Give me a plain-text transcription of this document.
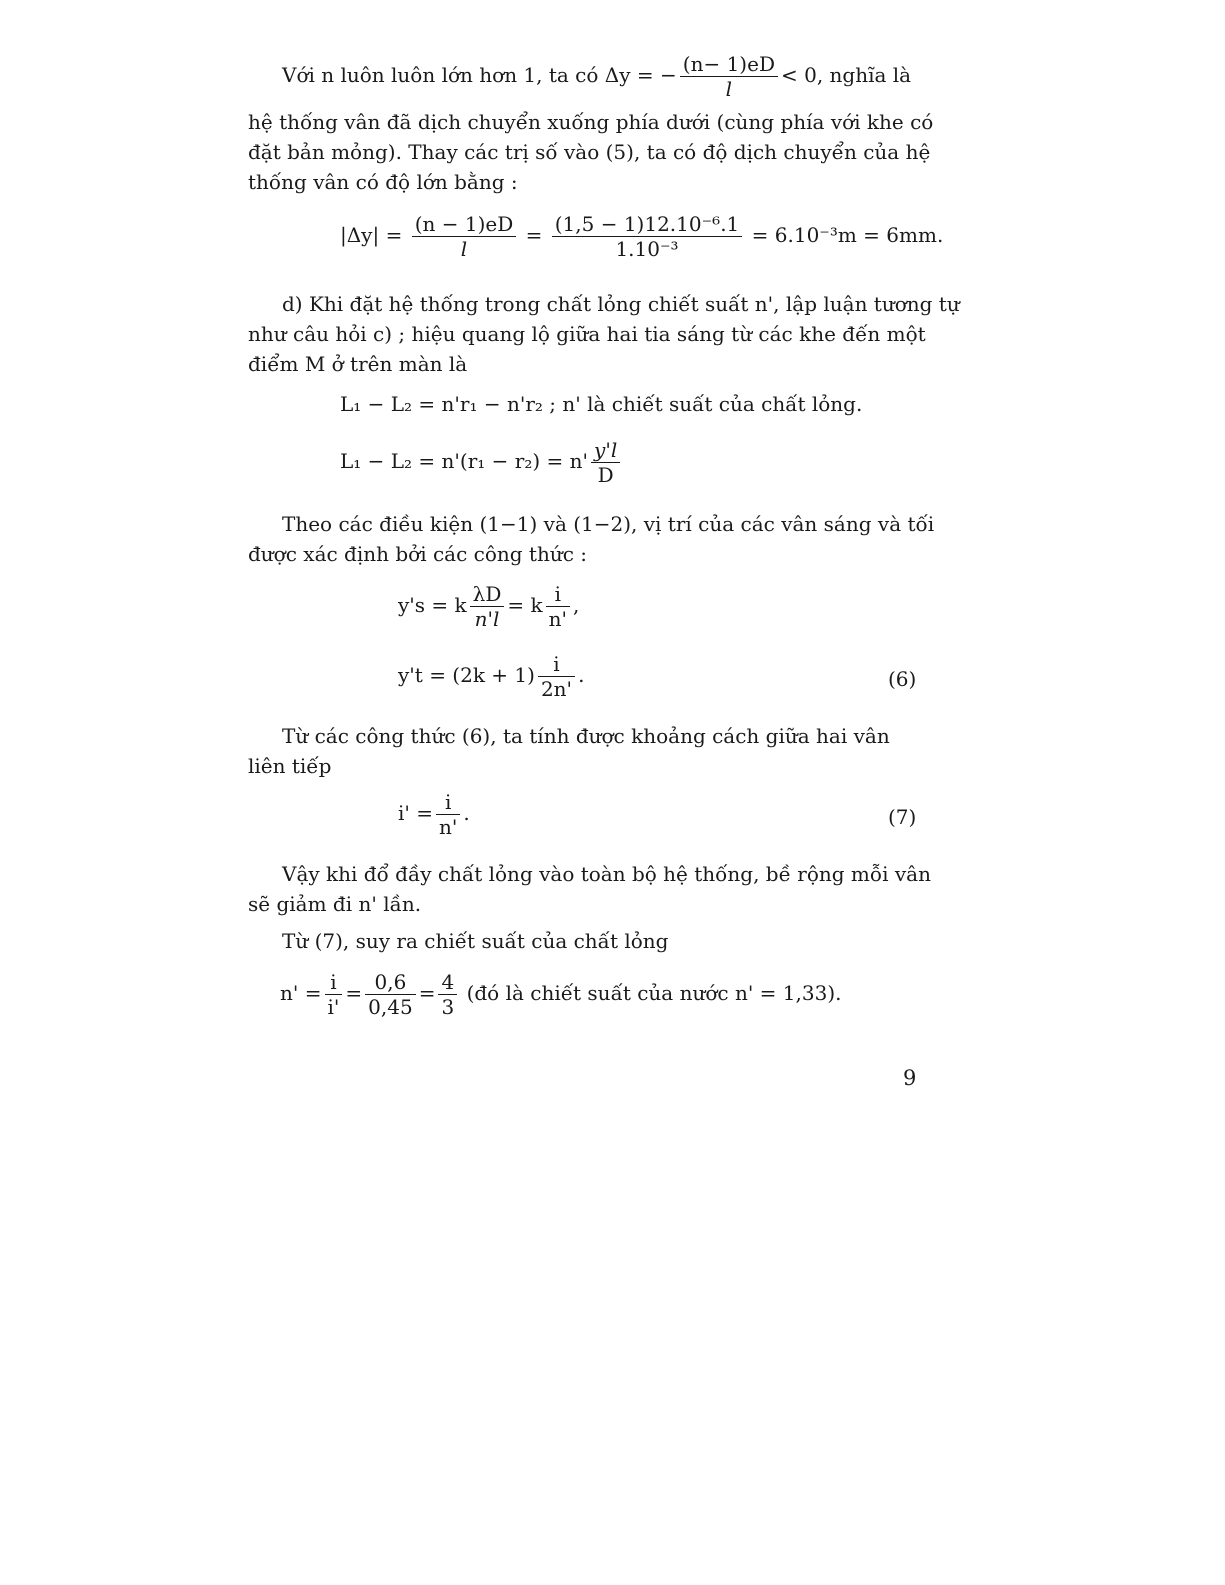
Với n luôn luôn lớn hơn 1, ta có Δy = − $\frac{(n- 1)eD}{l} < 0$, nghĩa là
hệ thống vân đã dịch chuyển xuống phía dưới (cùng phía với khe có
đặt bản mỏng). Thay các trị số vào (5), ta có độ dịch chuyển của hệ
thống vân có độ lớn bằng :
$|\Delta y| = \frac{(n - 1)eD}{l} = \frac{\text{(1,5 − 1)12.10⁻⁶.1}}{\text{1.10⁻³}} = 6.10^{-3}m = 6mm$.
d) Khi đặt hệ thống trong chất lỏng chiết suất n', lập luận tương tự
như câu hỏi c) ; hiệu quang lộ giữa hai tia sáng từ các khe đến một
điểm M ở trên màn là
L₁ − L₂ = n'r₁ − n'r₂ ; n' là chiết suất của chất lỏng.
$L_1 - L_2 = n'(r_1 - r_2) = n' \frac{y'l}{D}$
Theo các điều kiện (1−1) và (1−2), vị trí của các vân sáng và tối
được xác định bởi các công thức :
y's = k $\frac{\lambda D}{n'l} = k \frac{i}{n'}$ ,
$y't = (2k + 1) \frac{i}{2n'}$ .	(6)
Từ các công thức (6), ta tính được khoảng cách giữa hai vân
liên tiếp
$i' = \frac{i}{n'}$ .	(7)
Vậy khi đổ đầy chất lỏng vào toàn bộ hệ thống, bề rộng mỗi vân
sẽ giảm đi n' lần.
Từ (7), suy ra chiết suất của chất lỏng
$n' = \frac{i}{i'} = \frac{0,6}{0,45} = \frac{4}{3}$ (đó là chiết suất của nước n' = 1,33).
9
